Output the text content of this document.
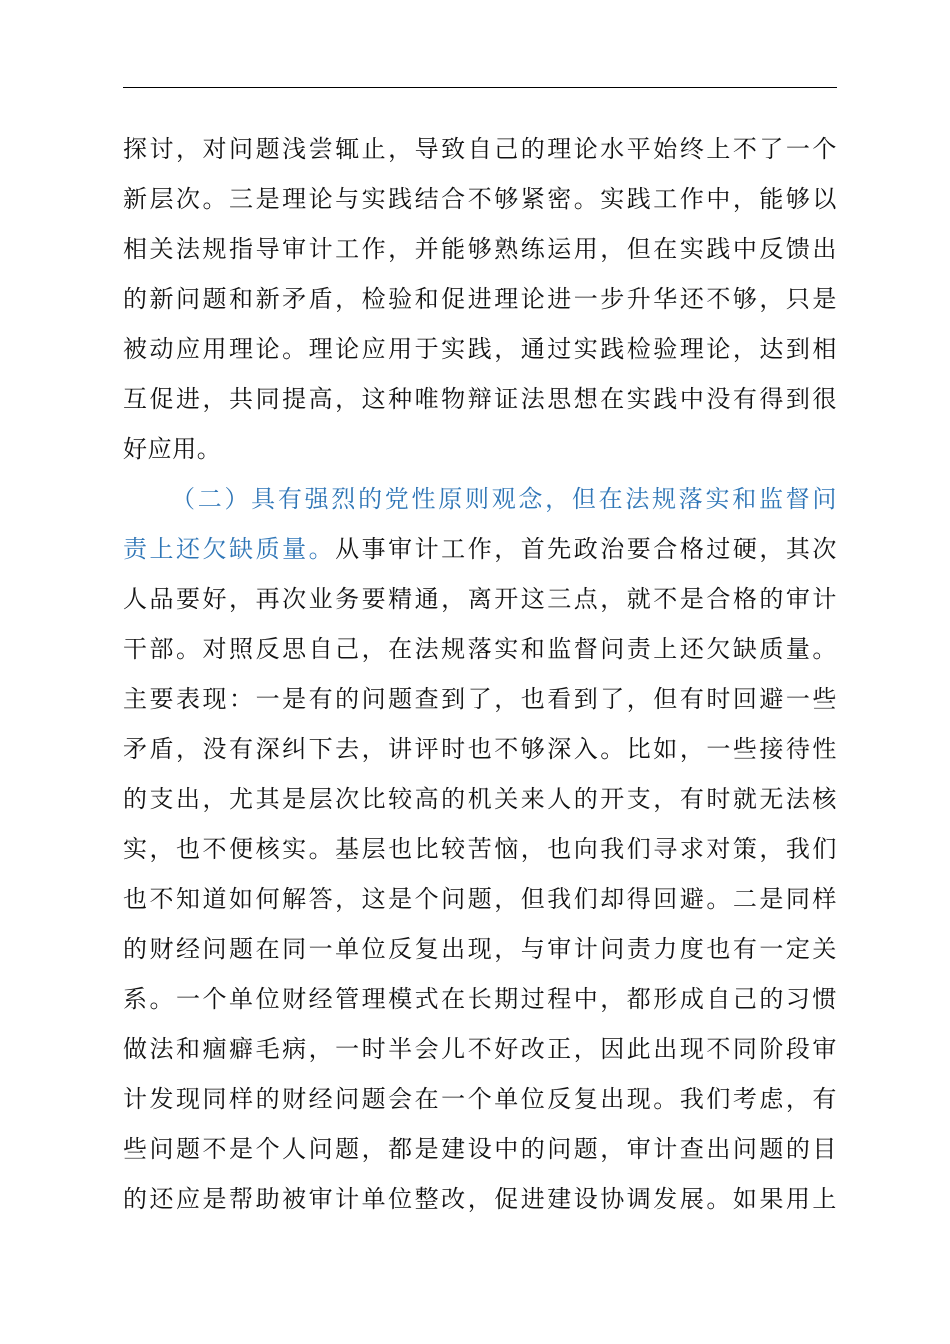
探讨，对问题浅尝辄止，导致自己的理论水平始终上不了一个
新层次。三是理论与实践结合不够紧密。实践工作中，能够以
相关法规指导审计工作，并能够熟练运用，但在实践中反馈出
的新问题和新矛盾，检验和促进理论进一步升华还不够，只是
被动应用理论。理论应用于实践，通过实践检验理论，达到相
互促进，共同提高，这种唯物辩证法思想在实践中没有得到很
好应用。
（二）具有强烈的党性原则观念，但在法规落实和监督问
责上还欠缺质量。从事审计工作，首先政治要合格过硬，其次
人品要好，再次业务要精通，离开这三点，就不是合格的审计
干部。对照反思自己，在法规落实和监督问责上还欠缺质量。
主要表现：一是有的问题查到了，也看到了，但有时回避一些
矛盾，没有深纠下去，讲评时也不够深入。比如，一些接待性
的支出，尤其是层次比较高的机关来人的开支，有时就无法核
实，也不便核实。基层也比较苦恼，也向我们寻求对策，我们
也不知道如何解答，这是个问题，但我们却得回避。二是同样
的财经问题在同一单位反复出现，与审计问责力度也有一定关
系。一个单位财经管理模式在长期过程中，都形成自己的习惯
做法和痼癖毛病，一时半会儿不好改正，因此出现不同阶段审
计发现同样的财经问题会在一个单位反复出现。我们考虑，有
些问题不是个人问题，都是建设中的问题，审计查出问题的目
的还应是帮助被审计单位整改，促进建设协调发展。如果用上
